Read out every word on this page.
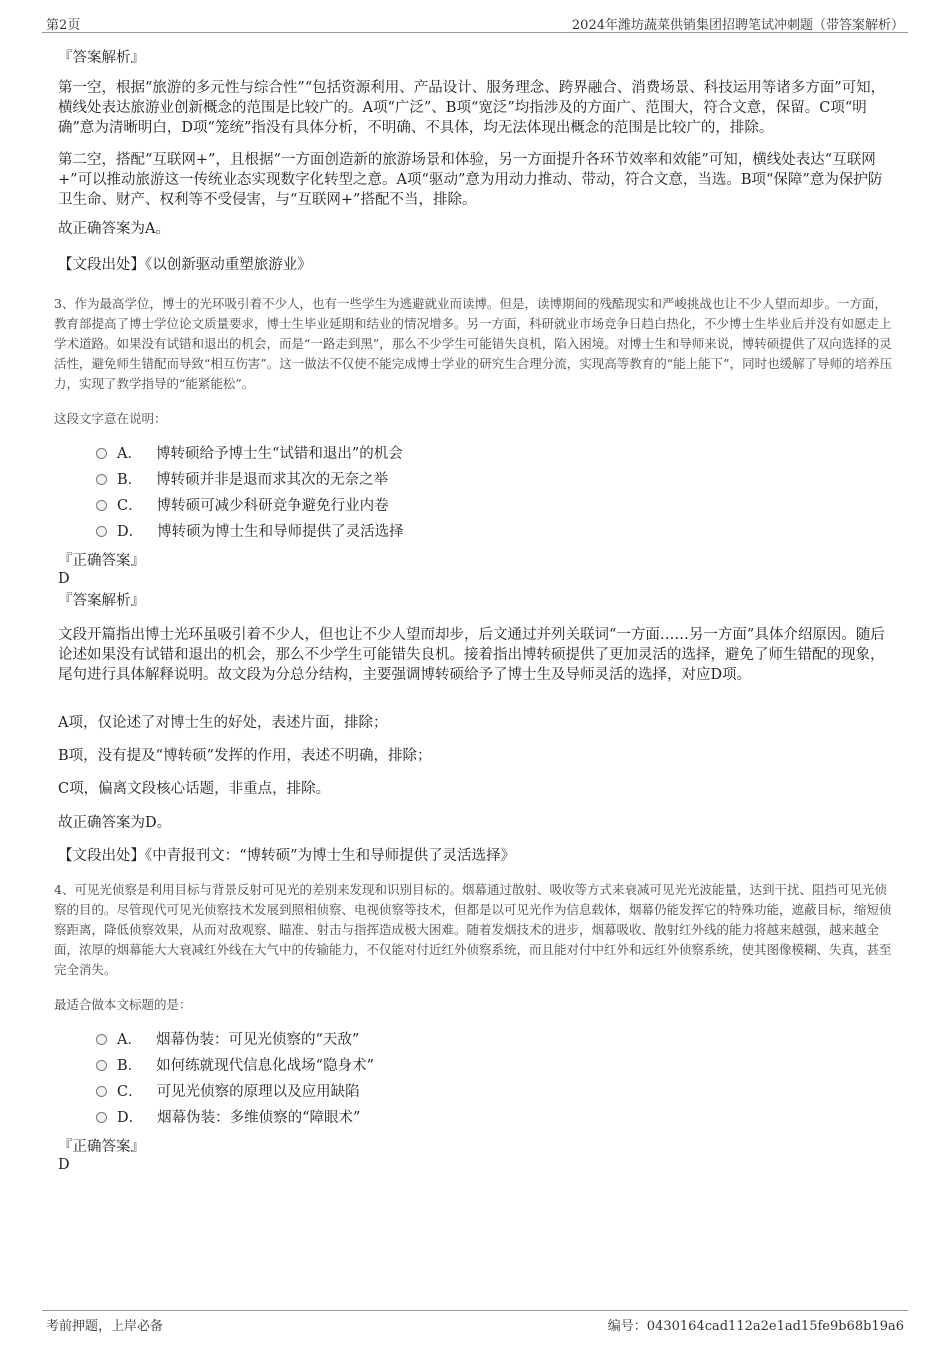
第2页	2024年潍坊蔬菜供销集团招聘笔试冲刺题（带答案解析）
『答案解析』

第一空，根据“旅游的多元性与综合性”“包括资源利用、产品设计、服务理念、跨界融合、消费场景、科技运用等诸多方面”可知，横线处表达旅游业创新概念的范围是比较广的。A项“广泛”、B项“宽泛”均指涉及的方面广、范围大，符合文意，保留。C项“明确”意为清晰明白，D项“笼统”指没有具体分析，不明确、不具体，均无法体现出概念的范围是比较广的，排除。

第二空，搭配“互联网+”，且根据“一方面创造新的旅游场景和体验，另一方面提升各环节效率和效能”可知，横线处表达“互联网+”可以推动旅游这一传统业态实现数字化转型之意。A项“驱动”意为用动力推动、带动，符合文意，当选。B项“保障”意为保护防卫生命、财产、权利等不受侵害，与“互联网+”搭配不当，排除。

故正确答案为A。
【文段出处】《以创新驱动重塑旅游业》

3、作为最高学位，博士的光环吸引着不少人，也有一些学生为逃避就业而读博。但是，读博期间的残酷现实和严峻挑战也让不少人望而却步。一方面，教育部提高了博士学位论文质量要求，博士生毕业延期和结业的情况增多。另一方面，科研就业市场竞争日趋白热化，不少博士生毕业后并没有如愿走上学术道路。如果没有试错和退出的机会，而是“一路走到黑”，那么不少学生可能错失良机，陷入困境。对博士生和导师来说，博转硕提供了双向选择的灵活性，避免师生错配而导致“相互伤害”。这一做法不仅使不能完成博士学业的研究生合理分流，实现高等教育的“能上能下”，同时也缓解了导师的培养压力，实现了教学指导的“能紧能松”。

这段文字意在说明：
A． 博转硕给予博士生“试错和退出”的机会
B． 博转硕并非是退而求其次的无奈之举
C． 博转硕可减少科研竞争避免行业内卷
D． 博转硕为博士生和导师提供了灵活选择
『正确答案』
D
『答案解析』

文段开篇指出博士光环虽吸引着不少人，但也让不少人望而却步，后文通过并列关联词“一方面……另一方面”具体介绍原因。随后论述如果没有试错和退出的机会，那么不少学生可能错失良机。接着指出博转硕提供了更加灵活的选择，避免了师生错配的现象，尾句进行具体解释说明。故文段为分总分结构，主要强调博转硕给予了博士生及导师灵活的选择，对应D项。

A项，仅论述了对博士生的好处，表述片面，排除；
B项，没有提及“博转硕”发挥的作用，表述不明确，排除；
C项，偏离文段核心话题，非重点，排除。
故正确答案为D。
【文段出处】《中青报刊文：“博转硕”为博士生和导师提供了灵活选择》

4、可见光侦察是利用目标与背景反射可见光的差别来发现和识别目标的。烟幕通过散射、吸收等方式来衰减可见光光波能量，达到干扰、阻挡可见光侦察的目的。尽管现代可见光侦察技术发展到照相侦察、电视侦察等技术，但都是以可见光作为信息载体，烟幕仍能发挥它的特殊功能，遮蔽目标，缩短侦察距离，降低侦察效果，从而对敌观察、瞄准、射击与指挥造成极大困难。随着发烟技术的进步，烟幕吸收、散射红外线的能力将越来越强，越来越全面，浓厚的烟幕能大大衰减红外线在大气中的传输能力，不仅能对付近红外侦察系统，而且能对付中红外和远红外侦察系统，使其图像模糊、失真，甚至完全消失。

最适合做本文标题的是：
A． 烟幕伪装：可见光侦察的“天敌”
B． 如何练就现代信息化战场“隐身术”
C． 可见光侦察的原理以及应用缺陷
D． 烟幕伪装：多维侦察的“障眼术”
『正确答案』
D
考前押题，上岸必备	编号：0430164cad112a2e1ad15fe9b68b19a6
